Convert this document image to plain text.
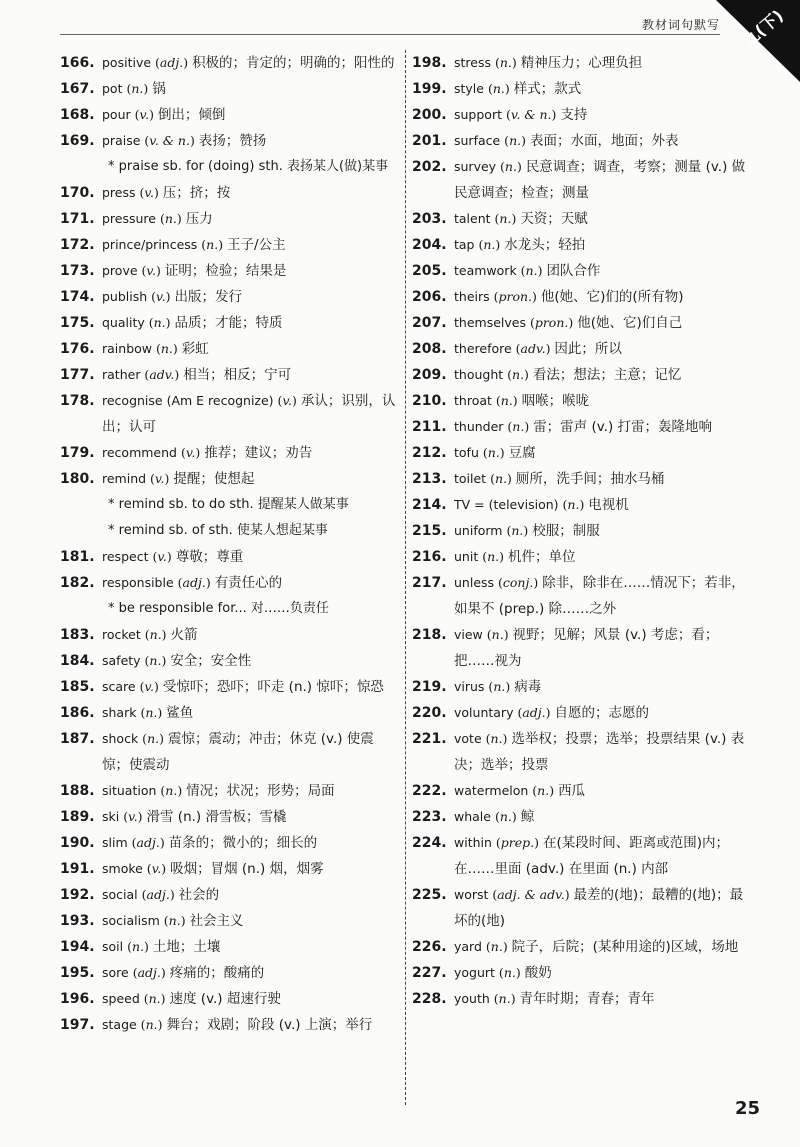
教材词句默写 九(下)
166. positive (adj.) 积极的；肯定的；明确的；阳性的
167. pot (n.) 锅
168. pour (v.) 倒出；倾倒
169. praise (v. & n.) 表扬；赞扬
* praise sb. for (doing) sth. 表扬某人(做)某事
170. press (v.) 压；挤；按
171. pressure (n.) 压力
172. prince/princess (n.) 王子/公主
173. prove (v.) 证明；检验；结果是
174. publish (v.) 出版；发行
175. quality (n.) 品质；才能；特质
176. rainbow (n.) 彩虹
177. rather (adv.) 相当；相反；宁可
178. recognise (Am E recognize) (v.) 承认；识别，认出；认可
179. recommend (v.) 推荐；建议；劝告
180. remind (v.) 提醒；使想起
* remind sb. to do sth. 提醒某人做某事
* remind sb. of sth. 使某人想起某事
181. respect (v.) 尊敬；尊重
182. responsible (adj.) 有责任心的
* be responsible for... 对……负责任
183. rocket (n.) 火箭
184. safety (n.) 安全；安全性
185. scare (v.) 受惊吓；恐吓；吓走 (n.) 惊吓；惊恐
186. shark (n.) 鲨鱼
187. shock (n.) 震惊；震动；冲击；休克 (v.) 使震惊；使震动
188. situation (n.) 情况；状况；形势；局面
189. ski (v.) 滑雪 (n.) 滑雪板；雪橇
190. slim (adj.) 苗条的；微小的；细长的
191. smoke (v.) 吸烟；冒烟 (n.) 烟，烟雾
192. social (adj.) 社会的
193. socialism (n.) 社会主义
194. soil (n.) 土地；土壤
195. sore (adj.) 疼痛的；酸痛的
196. speed (n.) 速度 (v.) 超速行驶
197. stage (n.) 舞台；戏剧；阶段 (v.) 上演；举行
198. stress (n.) 精神压力；心理负担
199. style (n.) 样式；款式
200. support (v. & n.) 支持
201. surface (n.) 表面；水面，地面；外表
202. survey (n.) 民意调查；调查，考察；测量 (v.) 做民意调查；检查；测量
203. talent (n.) 天资；天赋
204. tap (n.) 水龙头；轻拍
205. teamwork (n.) 团队合作
206. theirs (pron.) 他(她、它)们的(所有物)
207. themselves (pron.) 他(她、它)们自己
208. therefore (adv.) 因此；所以
209. thought (n.) 看法；想法；主意；记忆
210. throat (n.) 咽喉；喉咙
211. thunder (n.) 雷；雷声 (v.) 打雷；轰隆地响
212. tofu (n.) 豆腐
213. toilet (n.) 厕所，洗手间；抽水马桶
214. TV = (television) (n.) 电视机
215. uniform (n.) 校服；制服
216. unit (n.) 机件；单位
217. unless (conj.) 除非，除非在……情况下；若非，如果不 (prep.) 除……之外
218. view (n.) 视野；见解；风景 (v.) 考虑；看；把……视为
219. virus (n.) 病毒
220. voluntary (adj.) 自愿的；志愿的
221. vote (n.) 选举权；投票；选举；投票结果 (v.) 表决；选举；投票
222. watermelon (n.) 西瓜
223. whale (n.) 鲸
224. within (prep.) 在(某段时间、距离或范围)内；在……里面 (adv.) 在里面 (n.) 内部
225. worst (adj. & adv.) 最差的(地)；最糟的(地)；最坏的(地)
226. yard (n.) 院子，后院；(某种用途的)区域，场地
227. yogurt (n.) 酸奶
228. youth (n.) 青年时期；青春；青年
25
